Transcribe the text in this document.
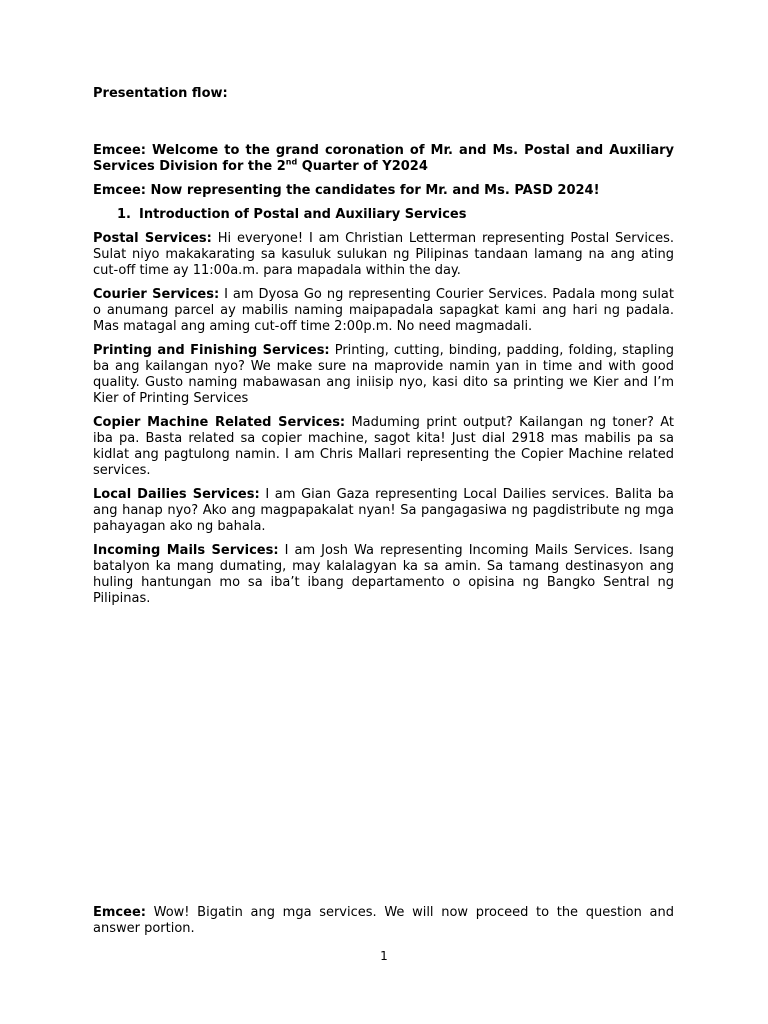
Presentation flow:

Emcee: Welcome to the grand coronation of Mr. and Ms. Postal and Auxiliary Services Division for the 2nd Quarter of Y2024

Emcee: Now representing the candidates for Mr. and Ms. PASD 2024!

1. Introduction of Postal and Auxiliary Services

Postal Services: Hi everyone! I am Christian Letterman representing Postal Services. Sulat niyo makakarating sa kasuluk sulukan ng Pilipinas tandaan lamang na ang ating cut-off time ay 11:00a.m. para mapadala within the day.

Courier Services: I am Dyosa Go ng representing Courier Services. Padala mong sulat o anumang parcel ay mabilis naming maipapadala sapagkat kami ang hari ng padala. Mas matagal ang aming cut-off time 2:00p.m. No need magmadali.

Printing and Finishing Services: Printing, cutting, binding, padding, folding, stapling ba ang kailangan nyo? We make sure na maprovide namin yan in time and with good quality. Gusto naming mabawasan ang iniisip nyo, kasi dito sa printing we Kier and I’m Kier of Printing Services

Copier Machine Related Services: Maduming print output? Kailangan ng toner? At iba pa. Basta related sa copier machine, sagot kita! Just dial 2918 mas mabilis pa sa kidlat ang pagtulong namin. I am Chris Mallari representing the Copier Machine related services.

Local Dailies Services: I am Gian Gaza representing Local Dailies services. Balita ba ang hanap nyo? Ako ang magpapakalat nyan! Sa pangagasiwa ng pagdistribute ng mga pahayagan ako ng bahala.

Incoming Mails Services: I am Josh Wa representing Incoming Mails Services. Isang batalyon ka mang dumating, may kalalagyan ka sa amin. Sa tamang destinasyon ang huling hantungan mo sa iba’t ibang departamento o opisina ng Bangko Sentral ng Pilipinas.

Emcee: Wow! Bigatin ang mga services. We will now proceed to the question and answer portion.

1
